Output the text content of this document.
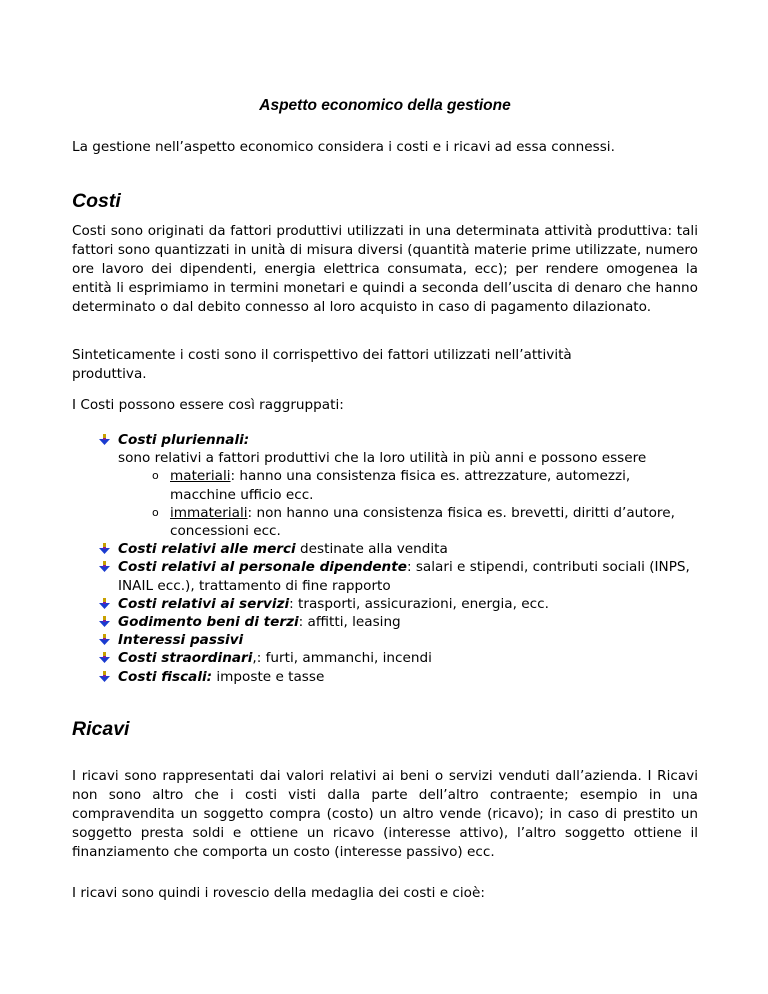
Aspetto economico della gestione

La gestione nell’aspetto economico considera i costi e i ricavi ad essa connessi.

Costi

Costi sono originati da fattori produttivi utilizzati in una determinata attività produttiva: tali fattori sono quantizzati in unità di misura diversi (quantità materie prime utilizzate, numero ore lavoro dei dipendenti, energia elettrica consumata, ecc); per rendere omogenea la entità li esprimiamo in termini monetari e quindi a seconda dell’uscita di denaro che hanno determinato o dal debito connesso al loro acquisto in caso di pagamento dilazionato.

Sinteticamente i costi sono il corrispettivo dei fattori utilizzati nell’attività produttiva.

I Costi possono essere così raggruppati:

Costi pluriennali:
sono relativi a fattori produttivi che la loro utilità in più anni e possono essere
o materiali: hanno una consistenza fisica es. attrezzature, automezzi, macchine ufficio ecc.
o immateriali: non hanno una consistenza fisica es. brevetti, diritti d’autore, concessioni ecc.
Costi relativi alle merci destinate alla vendita
Costi relativi al personale dipendente: salari e stipendi, contributi sociali (INPS, INAIL ecc.), trattamento di fine rapporto
Costi relativi ai servizi: trasporti, assicurazioni, energia, ecc.
Godimento beni di terzi: affitti, leasing
Interessi passivi
Costi straordinari,: furti, ammanchi, incendi
Costi fiscali: imposte e tasse
Ricavi

I ricavi sono rappresentati dai valori relativi ai beni o servizi venduti dall’azienda. I Ricavi non sono altro che i costi visti dalla parte dell’altro contraente; esempio in una compravendita un soggetto compra (costo) un altro vende (ricavo); in caso di prestito un soggetto presta soldi e ottiene un ricavo (interesse attivo), l’altro soggetto ottiene il finanziamento che comporta un costo (interesse passivo) ecc.

I ricavi sono quindi i rovescio della medaglia dei costi e cioè:
